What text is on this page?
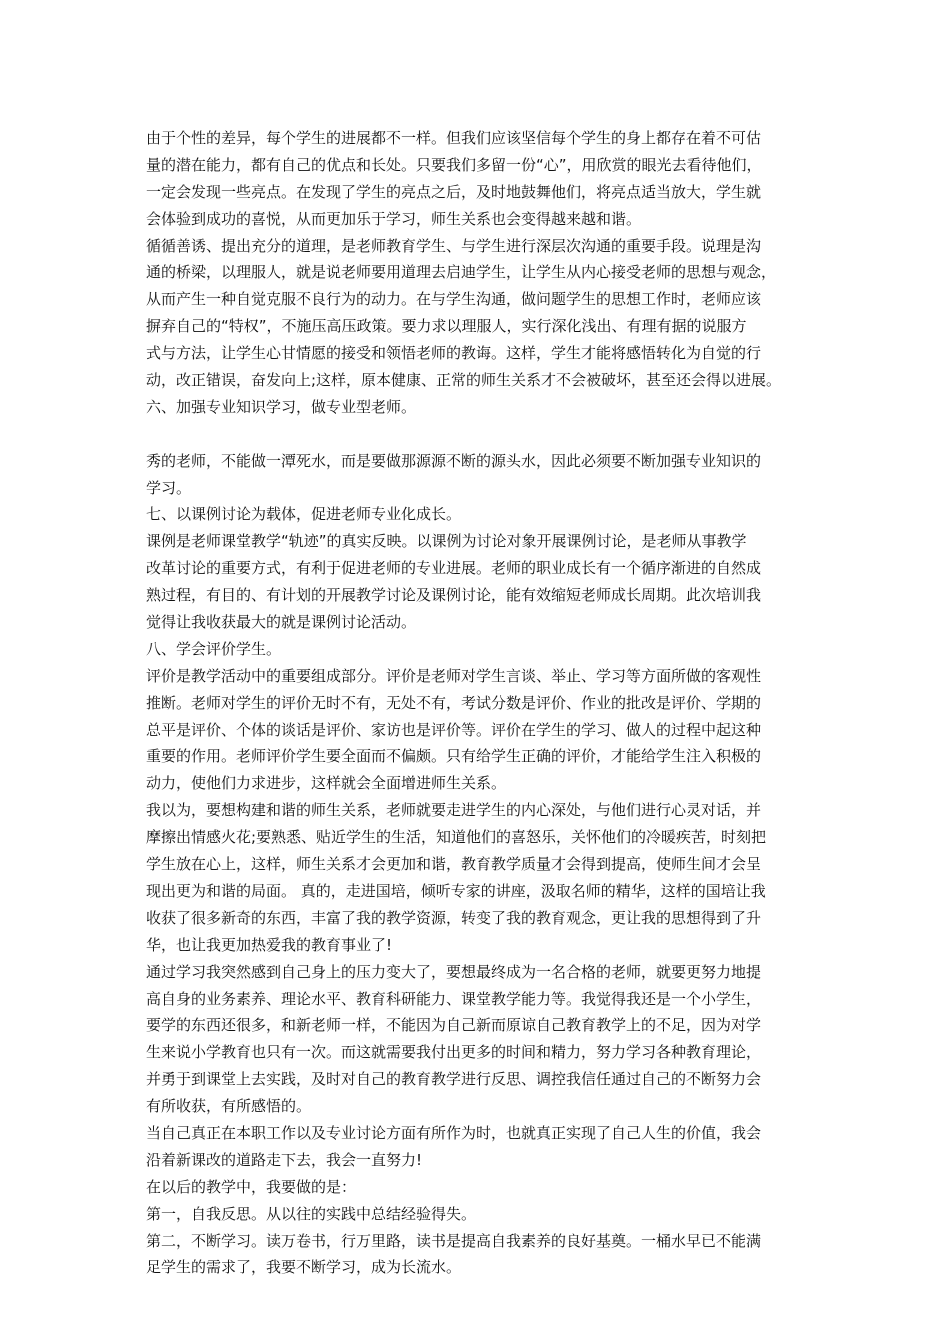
由于个性的差异，每个学生的进展都不一样。但我们应该坚信每个学生的身上都存在着不可估
量的潜在能力，都有自己的优点和长处。只要我们多留一份“心”，用欣赏的眼光去看待他们，
一定会发现一些亮点。在发现了学生的亮点之后，及时地鼓舞他们，将亮点适当放大，学生就
会体验到成功的喜悦，从而更加乐于学习，师生关系也会变得越来越和谐。
循循善诱、提出充分的道理，是老师教育学生、与学生进行深层次沟通的重要手段。说理是沟
通的桥梁，以理服人，就是说老师要用道理去启迪学生，让学生从内心接受老师的思想与观念，
从而产生一种自觉克服不良行为的动力。在与学生沟通，做问题学生的思想工作时，老师应该
摒弃自己的“特权”，不施压高压政策。要力求以理服人，实行深化浅出、有理有据的说服方
式与方法，让学生心甘情愿的接受和领悟老师的教诲。这样，学生才能将感悟转化为自觉的行
动，改正错误，奋发向上;这样，原本健康、正常的师生关系才不会被破坏，甚至还会得以进展。
六、加强专业知识学习，做专业型老师。
秀的老师，不能做一潭死水，而是要做那源源不断的源头水，因此必须要不断加强专业知识的
学习。
七、以课例讨论为载体，促进老师专业化成长。
课例是老师课堂教学“轨迹”的真实反映。以课例为讨论对象开展课例讨论，是老师从事教学
改革讨论的重要方式，有利于促进老师的专业进展。老师的职业成长有一个循序渐进的自然成
熟过程，有目的、有计划的开展教学讨论及课例讨论，能有效缩短老师成长周期。此次培训我
觉得让我收获最大的就是课例讨论活动。
八、学会评价学生。
评价是教学活动中的重要组成部分。评价是老师对学生言谈、举止、学习等方面所做的客观性
推断。老师对学生的评价无时不有，无处不有，考试分数是评价、作业的批改是评价、学期的
总平是评价、个体的谈话是评价、家访也是评价等。评价在学生的学习、做人的过程中起这种
重要的作用。老师评价学生要全面而不偏颇。只有给学生正确的评价，才能给学生注入积极的
动力，使他们力求进步，这样就会全面增进师生关系。
我以为，要想构建和谐的师生关系，老师就要走进学生的内心深处，与他们进行心灵对话，并
摩擦出情感火花;要熟悉、贴近学生的生活，知道他们的喜怒乐，关怀他们的冷暖疾苦，时刻把
学生放在心上，这样，师生关系才会更加和谐，教育教学质量才会得到提高，使师生间才会呈
现出更为和谐的局面。 真的，走进国培，倾听专家的讲座，汲取名师的精华，这样的国培让我
收获了很多新奇的东西，丰富了我的教学资源，转变了我的教育观念，更让我的思想得到了升
华，也让我更加热爱我的教育事业了!
通过学习我突然感到自己身上的压力变大了，要想最终成为一名合格的老师，就要更努力地提
高自身的业务素养、理论水平、教育科研能力、课堂教学能力等。我觉得我还是一个小学生，
要学的东西还很多，和新老师一样，不能因为自己新而原谅自己教育教学上的不足，因为对学
生来说小学教育也只有一次。而这就需要我付出更多的时间和精力，努力学习各种教育理论，
并勇于到课堂上去实践，及时对自己的教育教学进行反思、调控我信任通过自己的不断努力会
有所收获，有所感悟的。
当自己真正在本职工作以及专业讨论方面有所作为时，也就真正实现了自己人生的价值，我会
沿着新课改的道路走下去，我会一直努力!
在以后的教学中，我要做的是：
第一，自我反思。从以往的实践中总结经验得失。
第二，不断学习。读万卷书，行万里路，读书是提高自我素养的良好基奠。一桶水早已不能满
足学生的需求了，我要不断学习，成为长流水。
